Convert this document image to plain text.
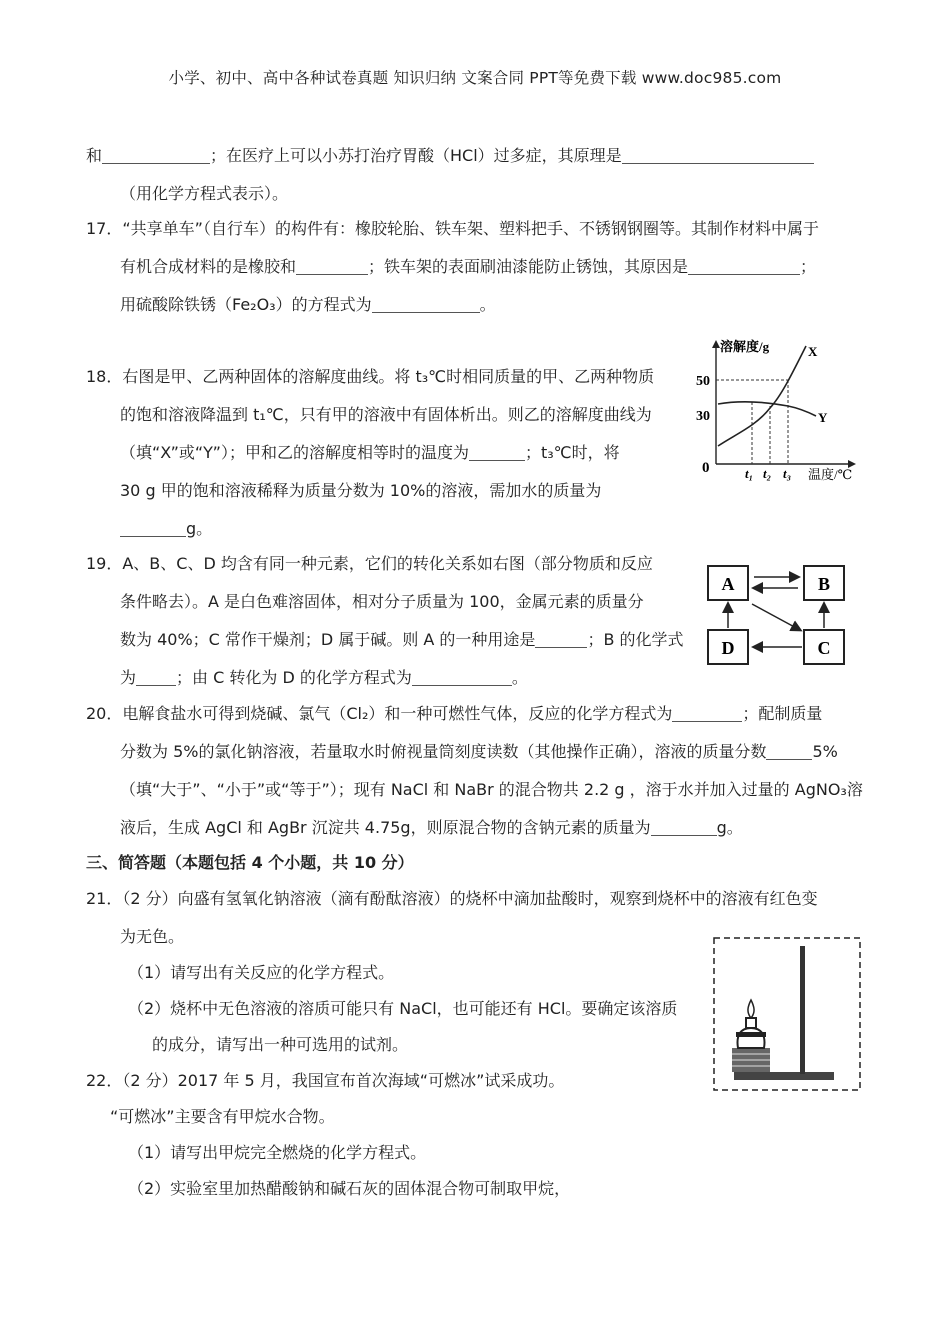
小学、初中、高中各种试卷真题 知识归纳 文案合同 PPT等免费下载 www.doc985.com
和	；在医疗上可以小苏打治疗胃酸（HCl）过多症，其原理是
（用化学方程式表示）。
17．“共享单车”（自行车）的构件有：橡胶轮胎、铁车架、塑料把手、不锈钢钢圈等。其制作材料中属于
有机合成材料的是橡胶和	；铁车架的表面刷油漆能防止锈蚀，其原因是	；
用硫酸除铁锈（Fe₂O₃）的方程式为	。
18．右图是甲、乙两种固体的溶解度曲线。将 t₃℃时相同质量的甲、乙两种物质
的饱和溶液降温到 t₁℃，只有甲的溶液中有固体析出。则乙的溶解度曲线为
（填“X”或“Y”）；甲和乙的溶解度相等时的温度为	；t₃℃时，将
30 g 甲的饱和溶液稀释为质量分数为 10%的溶液，需加水的质量为
g。
溶解度/g
温度/℃
0
50
30
X
Y
t₁ t₂ t₃
19．A、B、C、D 均含有同一种元素，它们的转化关系如右图（部分物质和反应
条件略去）。A 是白色难溶固体，相对分子质量为 100，金属元素的质量分
数为 40%；C 常作干燥剂；D 属于碱。则 A 的一种用途是	；B 的化学式
为	；由 C 转化为 D 的化学方程式为	。
A	B
D	C
20．电解食盐水可得到烧碱、氯气（Cl₂）和一种可燃性气体，反应的化学方程式为	；配制质量
分数为 5%的氯化钠溶液，若量取水时俯视量筒刻度读数（其他操作正确），溶液的质量分数	5%
（填“大于”、“小于”或“等于”）；现有 NaCl 和 NaBr 的混合物共 2.2 g ，溶于水并加入过量的 AgNO₃溶
液后，生成 AgCl 和 AgBr 沉淀共 4.75g，则原混合物的含钠元素的质量为	g。
三、简答题（本题包括 4 个小题，共 10 分）
21．（2 分）向盛有氢氧化钠溶液（滴有酚酞溶液）的烧杯中滴加盐酸时，观察到烧杯中的溶液有红色变
为无色。
（1）请写出有关反应的化学方程式。
（2）烧杯中无色溶液的溶质可能只有 NaCl，也可能还有 HCl。要确定该溶质
的成分，请写出一种可选用的试剂。
22．（2 分）2017 年 5 月，我国宣布首次海域“可燃冰”试采成功。
“可燃冰”主要含有甲烷水合物。
（1）请写出甲烷完全燃烧的化学方程式。
（2）实验室里加热醋酸钠和碱石灰的固体混合物可制取甲烷，
